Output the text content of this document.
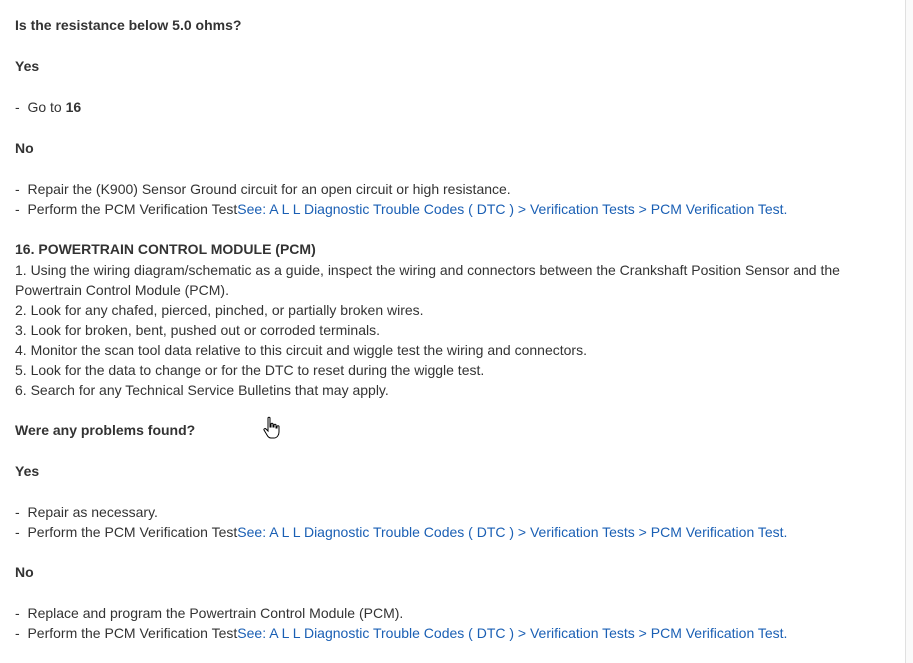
Is the resistance below 5.0 ohms?
Yes
- Go to 16
No
- Repair the (K900) Sensor Ground circuit for an open circuit or high resistance.
- Perform the PCM Verification TestSee: A L L Diagnostic Trouble Codes ( DTC ) > Verification Tests > PCM Verification Test.
16. POWERTRAIN CONTROL MODULE (PCM)
1. Using the wiring diagram/schematic as a guide, inspect the wiring and connectors between the Crankshaft Position Sensor and the Powertrain Control Module (PCM).
2. Look for any chafed, pierced, pinched, or partially broken wires.
3. Look for broken, bent, pushed out or corroded terminals.
4. Monitor the scan tool data relative to this circuit and wiggle test the wiring and connectors.
5. Look for the data to change or for the DTC to reset during the wiggle test.
6. Search for any Technical Service Bulletins that may apply.
Were any problems found?
Yes
- Repair as necessary.
- Perform the PCM Verification TestSee: A L L Diagnostic Trouble Codes ( DTC ) > Verification Tests > PCM Verification Test.
No
- Replace and program the Powertrain Control Module (PCM).
- Perform the PCM Verification TestSee: A L L Diagnostic Trouble Codes ( DTC ) > Verification Tests > PCM Verification Test.
